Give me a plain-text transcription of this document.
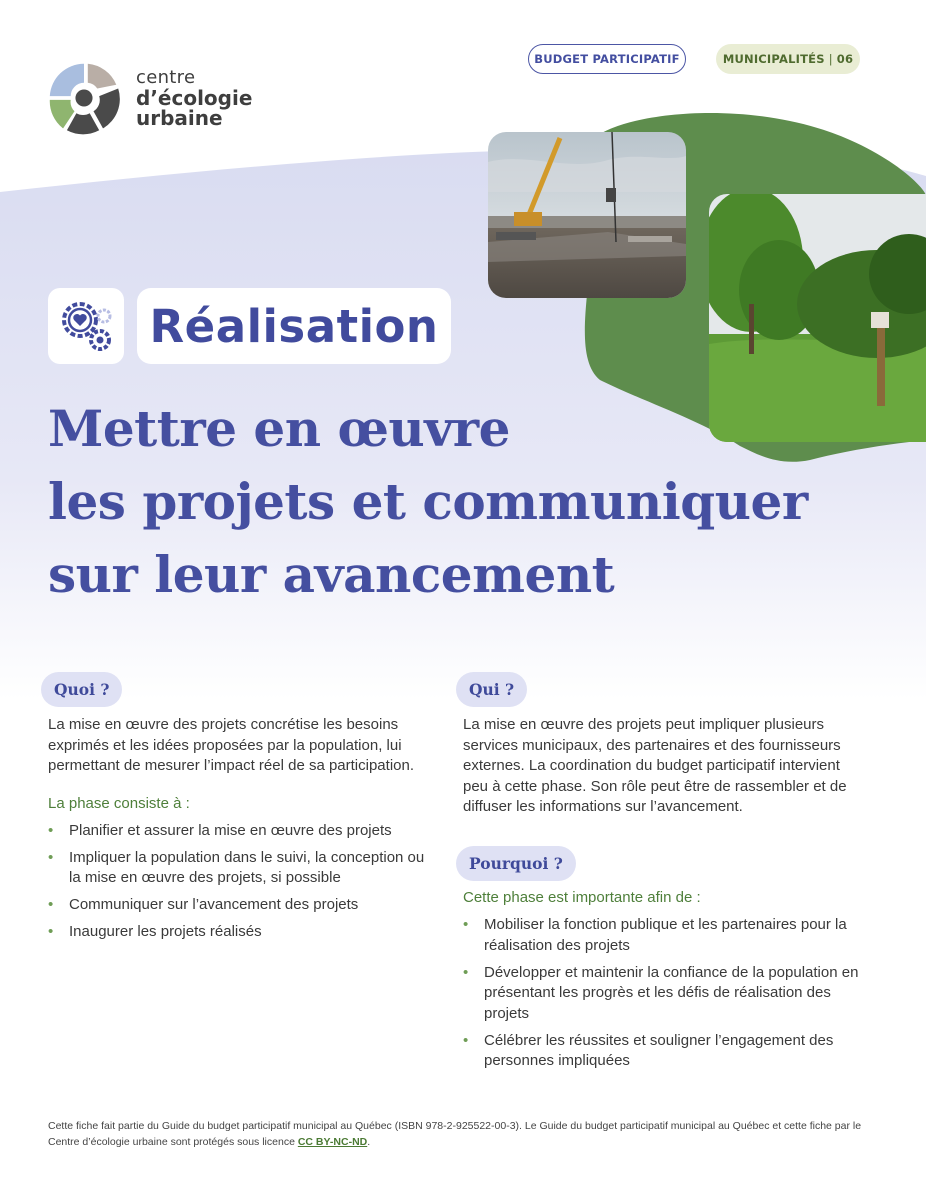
centre
d’écologie
urbaine
BUDGET PARTICIPATIF	MUNICIPALITÉS | 06
Réalisation
Mettre en œuvre
les projets et communiquer
sur leur avancement
Quoi ?

La mise en œuvre des projets concrétise les besoins exprimés et les idées proposées par la population, lui permettant de mesurer l’impact réel de sa participation.

La phase consiste à :

• Planifier et assurer la mise en œuvre des projets
• Impliquer la population dans le suivi, la conception ou la mise en œuvre des projets, si possible
• Communiquer sur l’avancement des projets
• Inaugurer les projets réalisés
Qui ?

La mise en œuvre des projets peut impliquer plusieurs services municipaux, des partenaires et des fournisseurs externes. La coordination du budget participatif intervient peu à cette phase. Son rôle peut être de rassembler et de diffuser les informations sur l’avancement.

Pourquoi ?

Cette phase est importante afin de :

• Mobiliser la fonction publique et les partenaires pour la réalisation des projets
• Développer et maintenir la confiance de la population en présentant les progrès et les défis de réalisation des projets
• Célébrer les réussites et souligner l’engagement des personnes impliquées
Cette fiche fait partie du Guide du budget participatif municipal au Québec (ISBN 978-2-925522-00-3). Le Guide du budget participatif municipal au Québec et cette fiche par le Centre d’écologie urbaine sont protégés sous licence CC BY-NC-ND.
